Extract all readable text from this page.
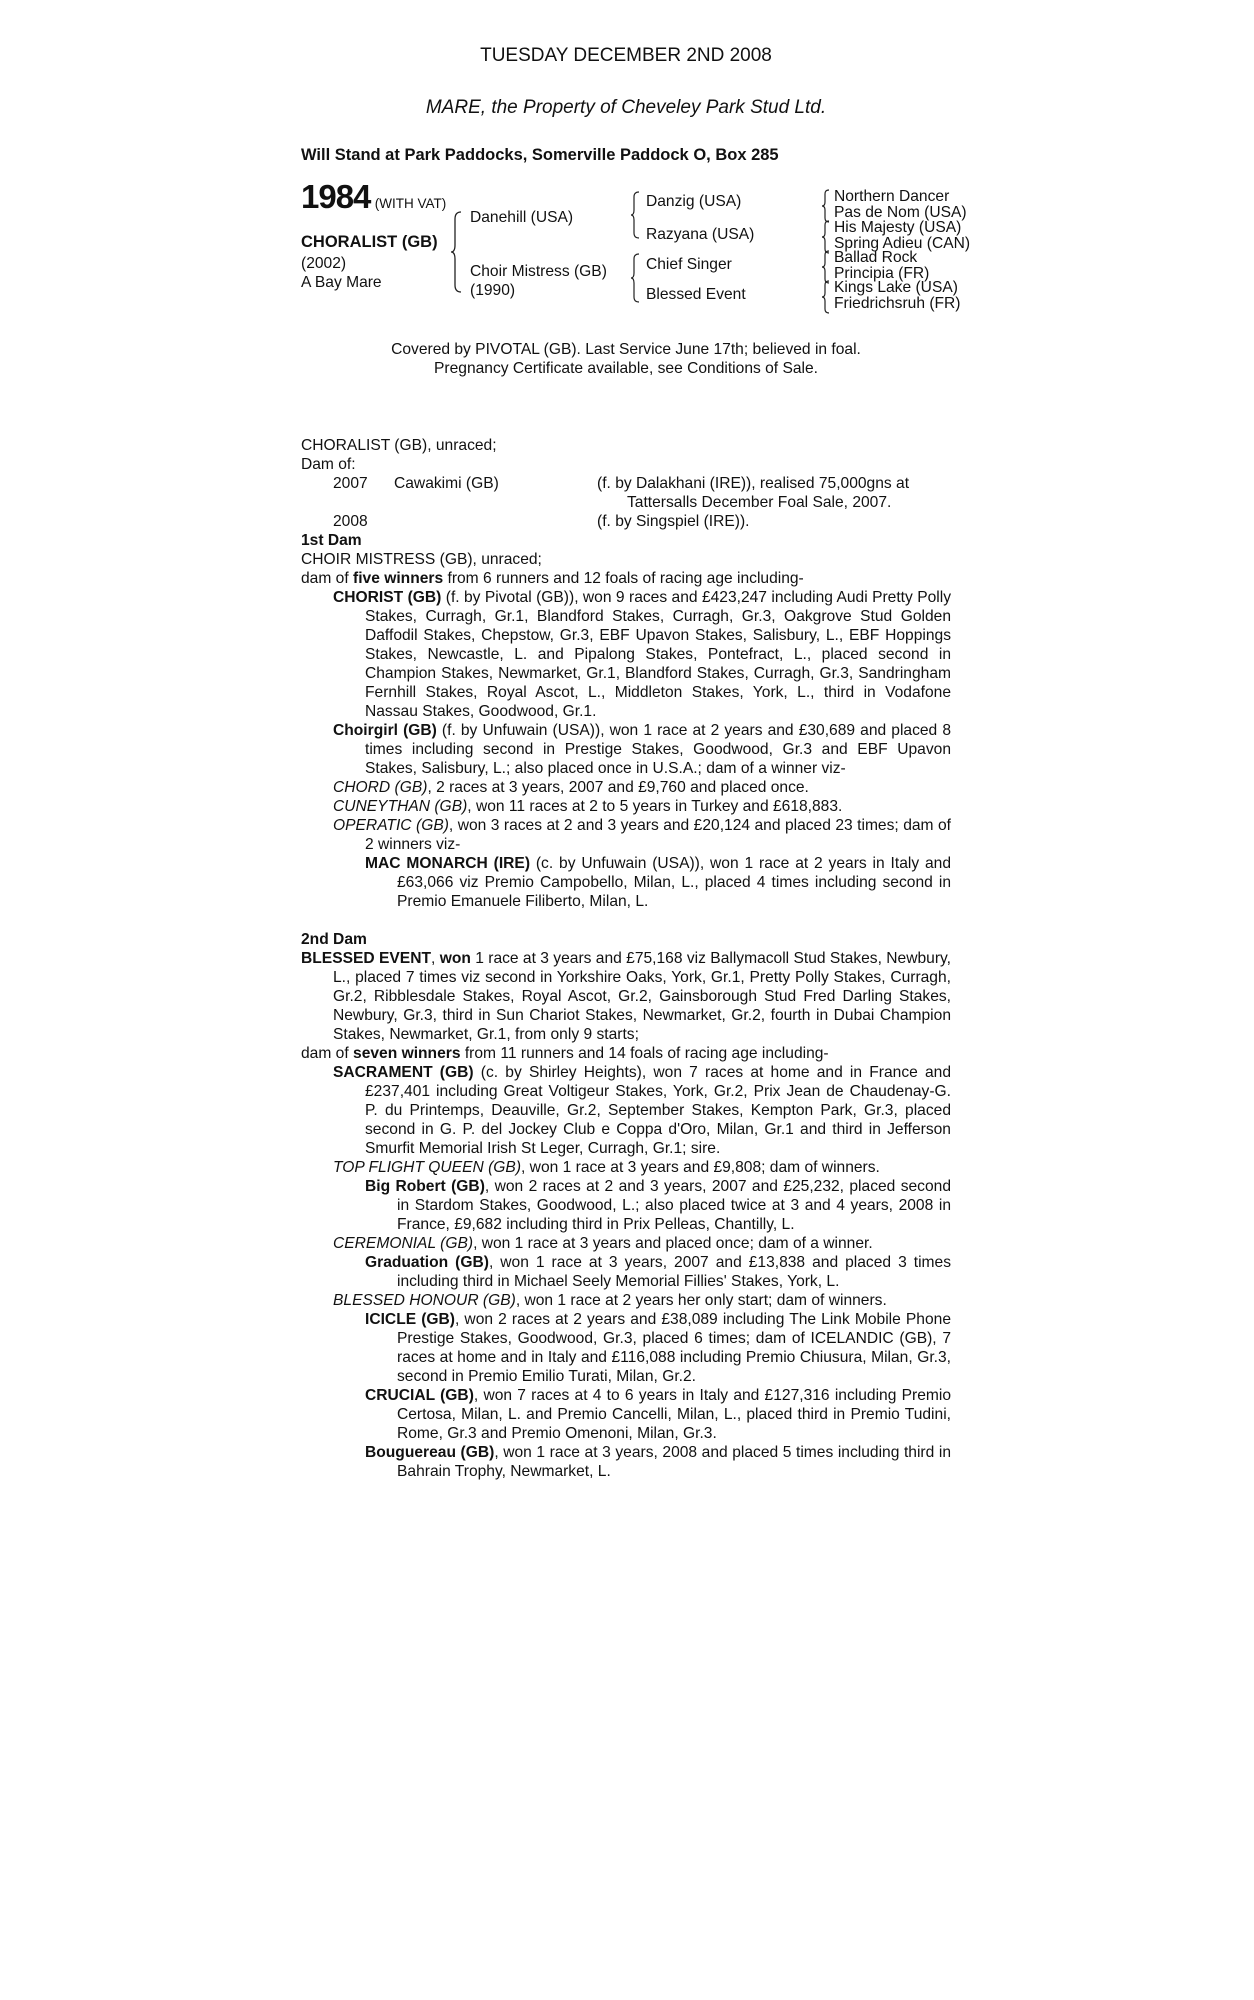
TUESDAY DECEMBER 2ND 2008
MARE, the Property of Cheveley Park Stud Ltd.
Will Stand at Park Paddocks, Somerville Paddock O, Box 285
1984 (WITH VAT)
CHORALIST (GB)
(2002)
A Bay Mare
Danehill (USA)
Choir Mistress (GB)
(1990)
Danzig (USA)
Razyana (USA)
Chief Singer
Blessed Event
Northern Dancer
Pas de Nom (USA)
His Majesty (USA)
Spring Adieu (CAN)
Ballad Rock
Principia (FR)
Kings Lake (USA)
Friedrichsruh (FR)
Covered by PIVOTAL (GB). Last Service June 17th; believed in foal.
Pregnancy Certificate available, see Conditions of Sale.
CHORALIST (GB), unraced;
Dam of:
2007 Cawakimi (GB)	(f. by Dalakhani (IRE)), realised 75,000gns at
Tattersalls December Foal Sale, 2007.
2008	(f. by Singspiel (IRE)).
1st Dam
CHOIR MISTRESS (GB), unraced;
dam of five winners from 6 runners and 12 foals of racing age including-
CHORIST (GB) (f. by Pivotal (GB)), won 9 races and £423,247 including Audi Pretty Polly Stakes, Curragh, Gr.1, Blandford Stakes, Curragh, Gr.3, Oakgrove Stud Golden Daffodil Stakes, Chepstow, Gr.3, EBF Upavon Stakes, Salisbury, L., EBF Hoppings Stakes, Newcastle, L. and Pipalong Stakes, Pontefract, L., placed second in Champion Stakes, Newmarket, Gr.1, Blandford Stakes, Curragh, Gr.3, Sandringham Fernhill Stakes, Royal Ascot, L., Middleton Stakes, York, L., third in Vodafone Nassau Stakes, Goodwood, Gr.1.
Choirgirl (GB) (f. by Unfuwain (USA)), won 1 race at 2 years and £30,689 and placed 8 times including second in Prestige Stakes, Goodwood, Gr.3 and EBF Upavon Stakes, Salisbury, L.; also placed once in U.S.A.; dam of a winner viz-
CHORD (GB), 2 races at 3 years, 2007 and £9,760 and placed once.
CUNEYTHAN (GB), won 11 races at 2 to 5 years in Turkey and £618,883.
OPERATIC (GB), won 3 races at 2 and 3 years and £20,124 and placed 23 times; dam of 2 winners viz-
MAC MONARCH (IRE) (c. by Unfuwain (USA)), won 1 race at 2 years in Italy and £63,066 viz Premio Campobello, Milan, L., placed 4 times including second in Premio Emanuele Filiberto, Milan, L.
2nd Dam
BLESSED EVENT, won 1 race at 3 years and £75,168 viz Ballymacoll Stud Stakes, Newbury, L., placed 7 times viz second in Yorkshire Oaks, York, Gr.1, Pretty Polly Stakes, Curragh, Gr.2, Ribblesdale Stakes, Royal Ascot, Gr.2, Gainsborough Stud Fred Darling Stakes, Newbury, Gr.3, third in Sun Chariot Stakes, Newmarket, Gr.2, fourth in Dubai Champion Stakes, Newmarket, Gr.1, from only 9 starts;
dam of seven winners from 11 runners and 14 foals of racing age including-
SACRAMENT (GB) (c. by Shirley Heights), won 7 races at home and in France and £237,401 including Great Voltigeur Stakes, York, Gr.2, Prix Jean de Chaudenay-G. P. du Printemps, Deauville, Gr.2, September Stakes, Kempton Park, Gr.3, placed second in G. P. del Jockey Club e Coppa d'Oro, Milan, Gr.1 and third in Jefferson Smurfit Memorial Irish St Leger, Curragh, Gr.1; sire.
TOP FLIGHT QUEEN (GB), won 1 race at 3 years and £9,808; dam of winners.
Big Robert (GB), won 2 races at 2 and 3 years, 2007 and £25,232, placed second in Stardom Stakes, Goodwood, L.; also placed twice at 3 and 4 years, 2008 in France, £9,682 including third in Prix Pelleas, Chantilly, L.
CEREMONIAL (GB), won 1 race at 3 years and placed once; dam of a winner.
Graduation (GB), won 1 race at 3 years, 2007 and £13,838 and placed 3 times including third in Michael Seely Memorial Fillies' Stakes, York, L.
BLESSED HONOUR (GB), won 1 race at 2 years her only start; dam of winners.
ICICLE (GB), won 2 races at 2 years and £38,089 including The Link Mobile Phone Prestige Stakes, Goodwood, Gr.3, placed 6 times; dam of ICELANDIC (GB), 7 races at home and in Italy and £116,088 including Premio Chiusura, Milan, Gr.3, second in Premio Emilio Turati, Milan, Gr.2.
CRUCIAL (GB), won 7 races at 4 to 6 years in Italy and £127,316 including Premio Certosa, Milan, L. and Premio Cancelli, Milan, L., placed third in Premio Tudini, Rome, Gr.3 and Premio Omenoni, Milan, Gr.3.
Bouguereau (GB), won 1 race at 3 years, 2008 and placed 5 times including third in Bahrain Trophy, Newmarket, L.
